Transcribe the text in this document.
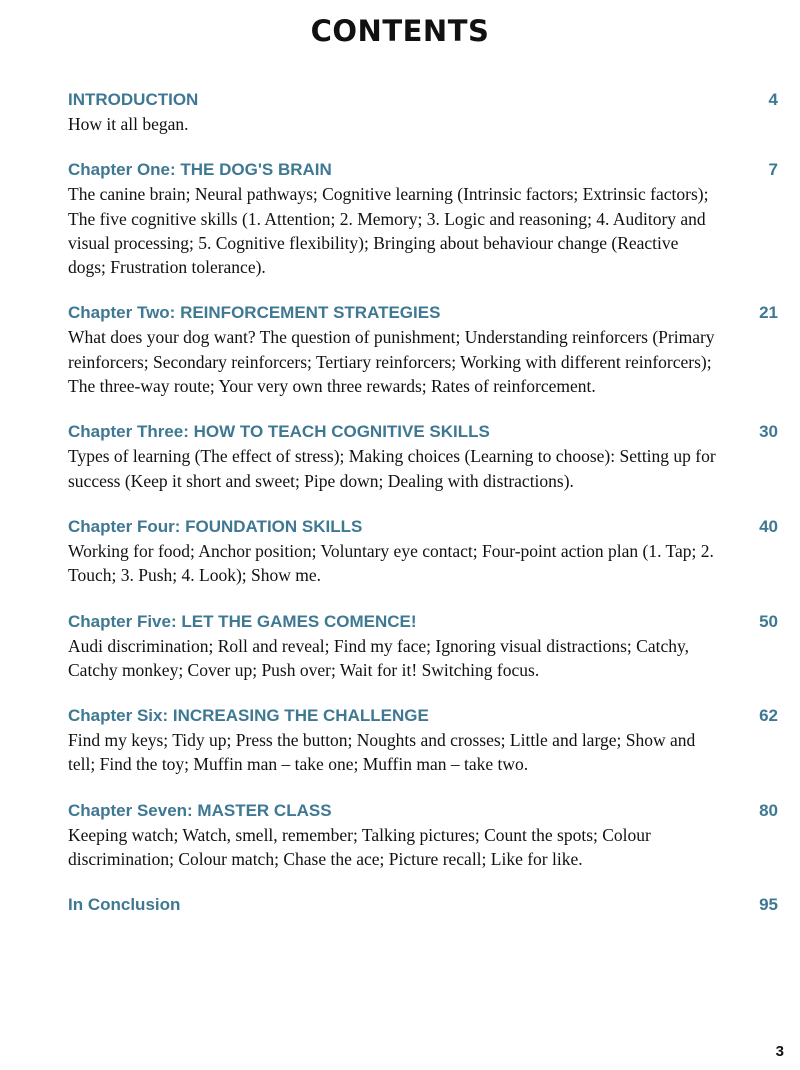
CONTENTS
INTRODUCTION	4
How it all began.
Chapter One: THE DOG'S BRAIN	7
The canine brain; Neural pathways; Cognitive learning (Intrinsic factors; Extrinsic factors); The five cognitive skills (1. Attention; 2. Memory; 3. Logic and reasoning; 4. Auditory and visual processing; 5. Cognitive flexibility); Bringing about behaviour change (Reactive dogs; Frustration tolerance).
Chapter Two: REINFORCEMENT STRATEGIES	21
What does your dog want? The question of punishment; Understanding reinforcers (Primary reinforcers; Secondary reinforcers; Tertiary reinforcers; Working with different reinforcers); The three-way route; Your very own three rewards; Rates of reinforcement.
Chapter Three: HOW TO TEACH COGNITIVE SKILLS	30
Types of learning (The effect of stress); Making choices (Learning to choose): Setting up for success (Keep it short and sweet; Pipe down; Dealing with distractions).
Chapter Four: FOUNDATION SKILLS	40
Working for food; Anchor position; Voluntary eye contact; Four-point action plan (1. Tap; 2. Touch; 3. Push; 4. Look); Show me.
Chapter Five: LET THE GAMES COMENCE!	50
Audi discrimination; Roll and reveal; Find my face; Ignoring visual distractions; Catchy, Catchy monkey; Cover up; Push over; Wait for it! Switching focus.
Chapter Six: INCREASING THE CHALLENGE	62
Find my keys; Tidy up; Press the button; Noughts and crosses; Little and large; Show and tell; Find the toy; Muffin man – take one; Muffin man – take two.
Chapter Seven: MASTER CLASS	80
Keeping watch; Watch, smell, remember; Talking pictures; Count the spots; Colour discrimination; Colour match; Chase the ace; Picture recall; Like for like.
In Conclusion	95
3
